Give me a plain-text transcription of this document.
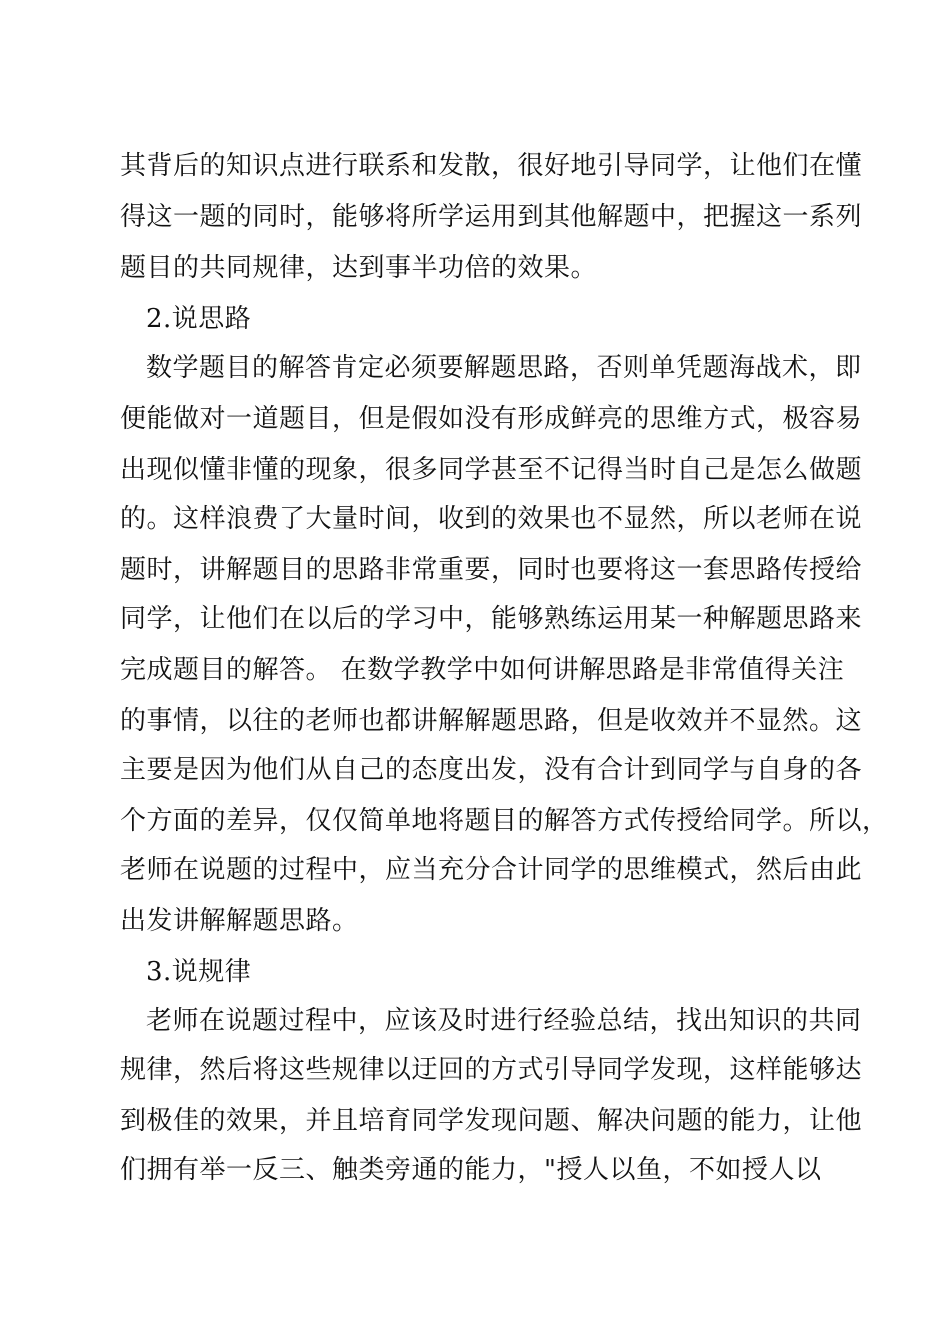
其背后的知识点进行联系和发散，很好地引导同学，让他们在懂
得这一题的同时，能够将所学运用到其他解题中，把握这一系列
题目的共同规律，达到事半功倍的效果。
2.说思路
数学题目的解答肯定必须要解题思路，否则单凭题海战术，即
便能做对一道题目，但是假如没有形成鲜亮的思维方式，极容易
出现似懂非懂的现象，很多同学甚至不记得当时自己是怎么做题
的。这样浪费了大量时间，收到的效果也不显然，所以老师在说
题时，讲解题目的思路非常重要，同时也要将这一套思路传授给
同学，让他们在以后的学习中，能够熟练运用某一种解题思路来
完成题目的解答。 在数学教学中如何讲解思路是非常值得关注
的事情，以往的老师也都讲解解题思路，但是收效并不显然。这
主要是因为他们从自己的态度出发，没有合计到同学与自身的各
个方面的差异，仅仅简单地将题目的解答方式传授给同学。所以，
老师在说题的过程中，应当充分合计同学的思维模式，然后由此
出发讲解解题思路。
3.说规律
老师在说题过程中，应该及时进行经验总结，找出知识的共同
规律，然后将这些规律以迂回的方式引导同学发现，这样能够达
到极佳的效果，并且培育同学发现问题、解决问题的能力，让他
们拥有举一反三、触类旁通的能力，"授人以鱼，不如授人以
